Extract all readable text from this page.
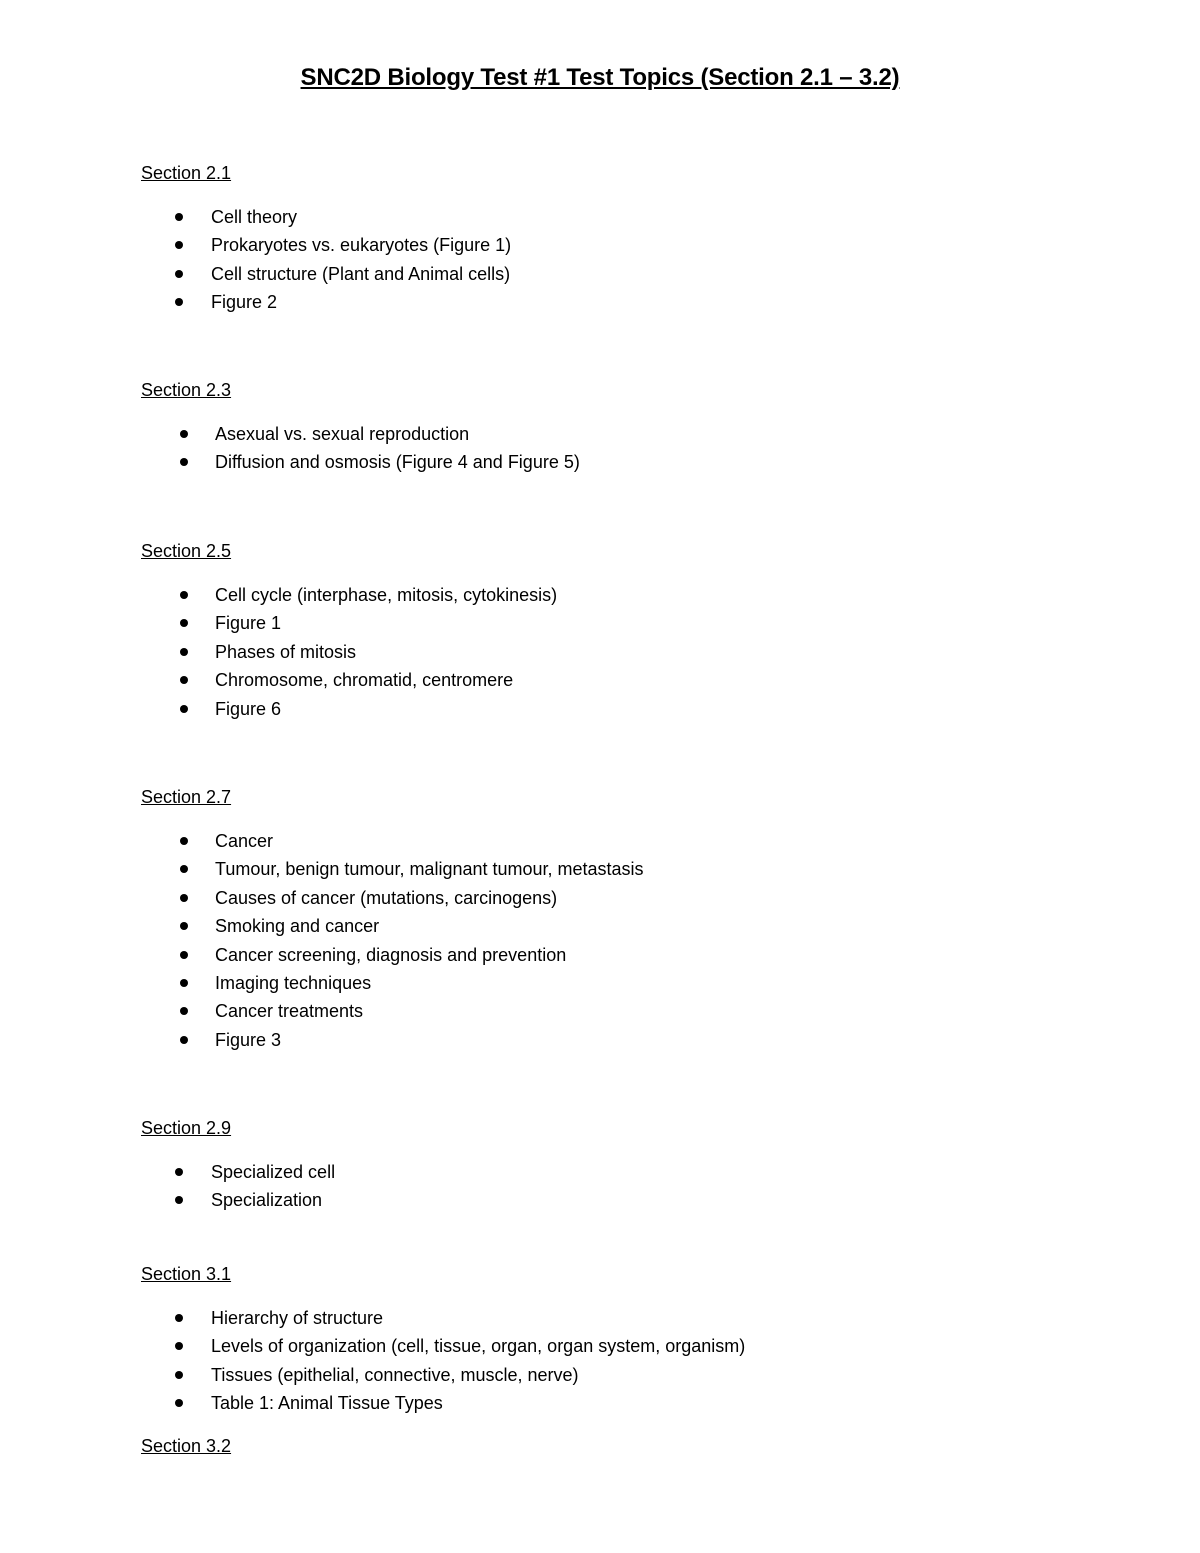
SNC2D Biology Test #1 Test Topics (Section 2.1 – 3.2)

Section 2.1

Cell theory
Prokaryotes vs. eukaryotes (Figure 1)
Cell structure (Plant and Animal cells)
Figure 2

Section 2.3

Asexual vs. sexual reproduction
Diffusion and osmosis (Figure 4 and Figure 5)

Section 2.5

Cell cycle (interphase, mitosis, cytokinesis)
Figure 1
Phases of mitosis
Chromosome, chromatid, centromere
Figure 6

Section 2.7

Cancer
Tumour, benign tumour, malignant tumour, metastasis
Causes of cancer (mutations, carcinogens)
Smoking and cancer
Cancer screening, diagnosis and prevention
Imaging techniques
Cancer treatments
Figure 3

Section 2.9

Specialized cell
Specialization

Section 3.1

Hierarchy of structure
Levels of organization (cell, tissue, organ, organ system, organism)
Tissues (epithelial, connective, muscle, nerve)
Table 1: Animal Tissue Types

Section 3.2
